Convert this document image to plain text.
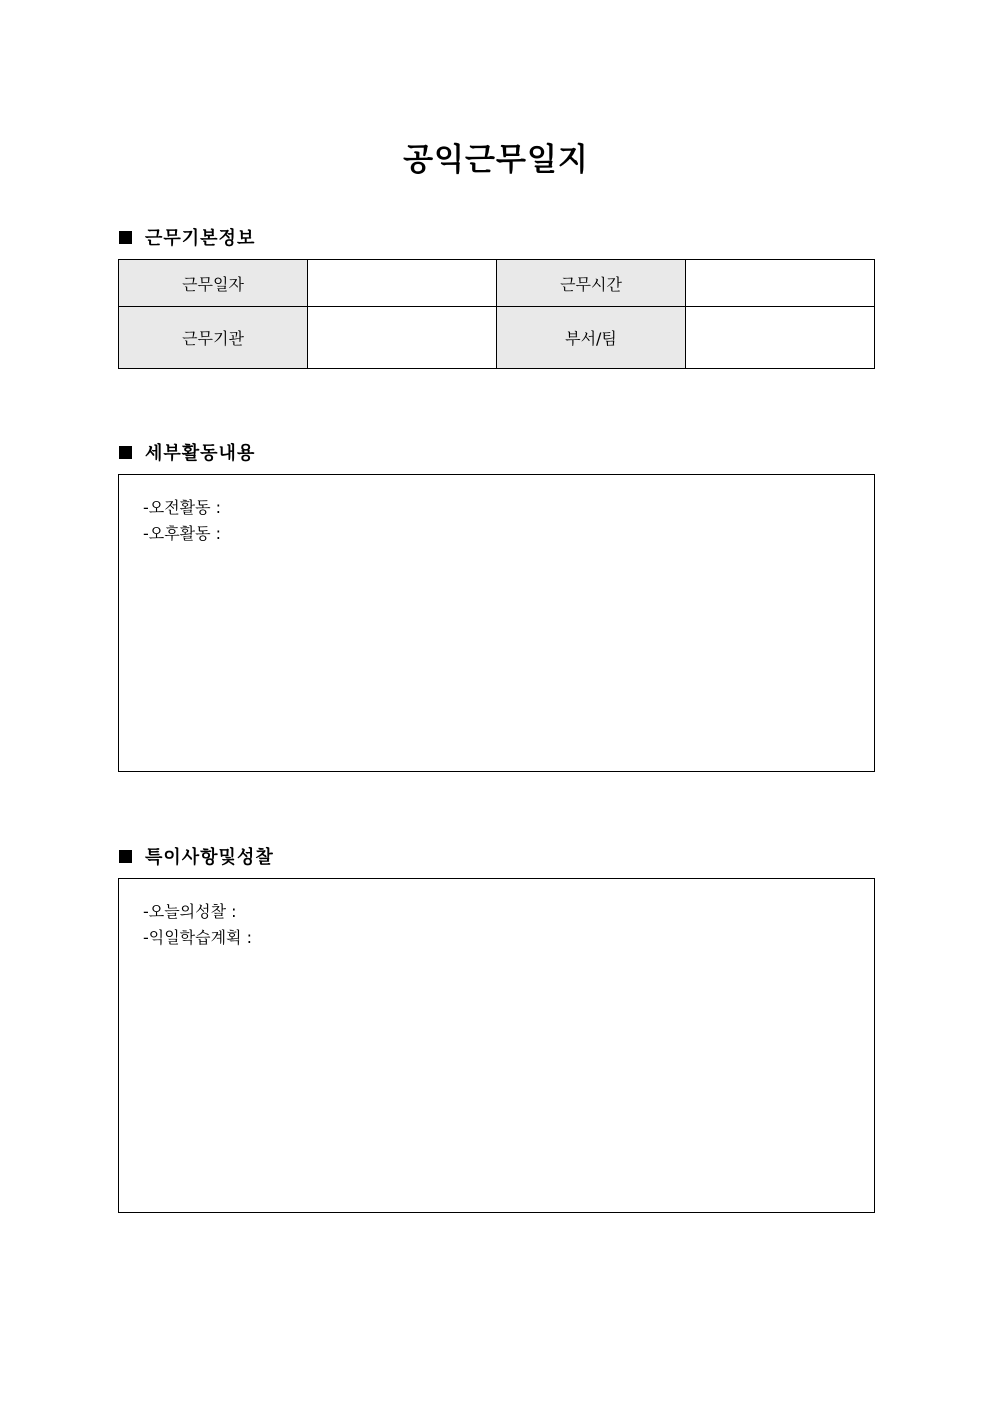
공익근무일지
근무기본정보
근무일자		근무시간	
근무기관		부서/팀	
세부활동내용
-오전활동 :
-오후활동 :
특이사항및성찰
-오늘의성찰 :
-익일학습계획 :
